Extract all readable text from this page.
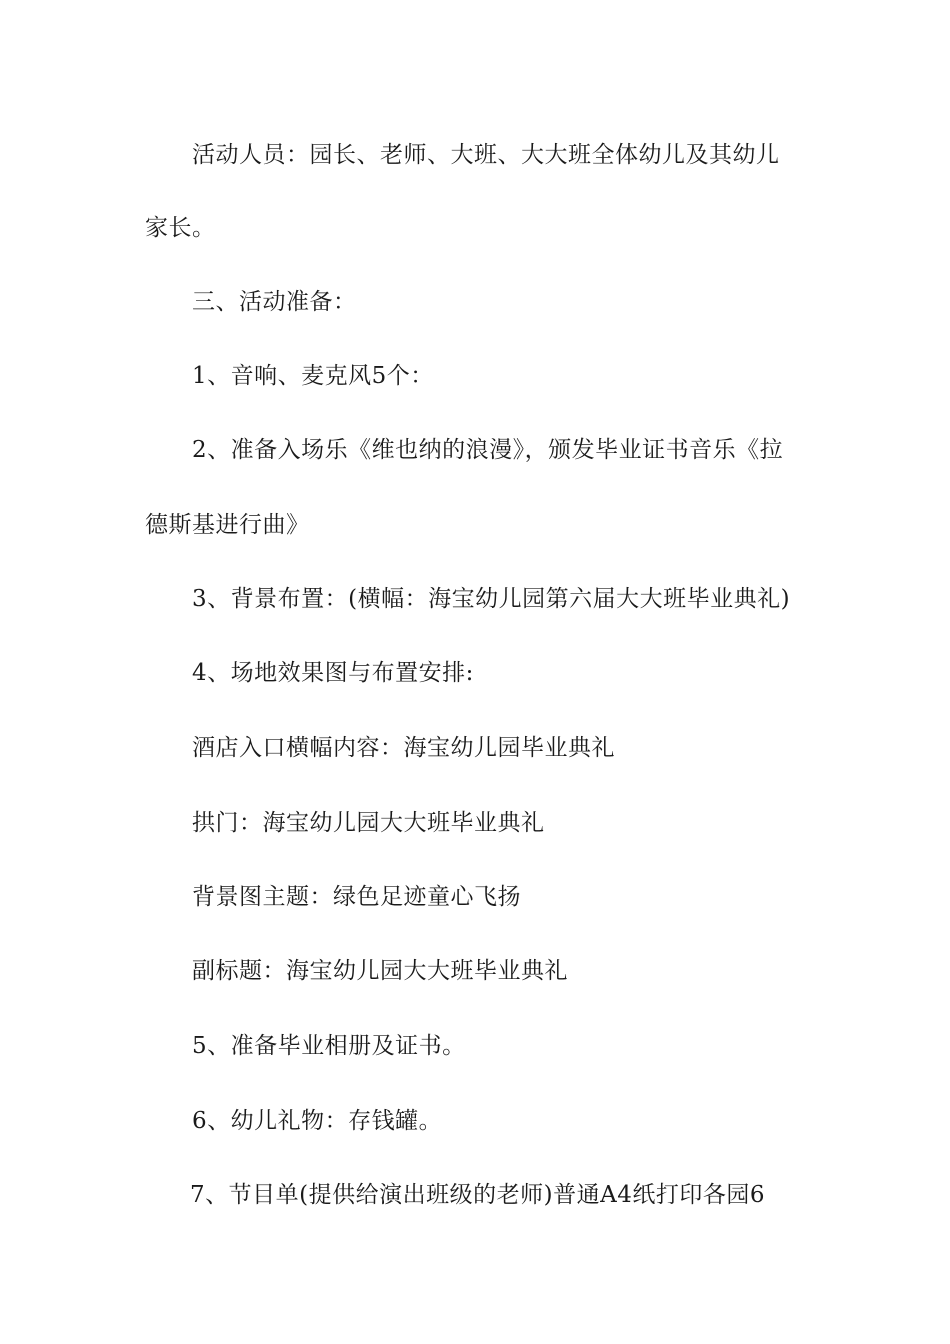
活动人员：园长、老师、大班、大大班全体幼儿及其幼儿
家长。
三、活动准备：
1、音响、麦克风5个：
2、准备入场乐《维也纳的浪漫》，颁发毕业证书音乐《拉
德斯基进行曲》
3、背景布置：(横幅：海宝幼儿园第六届大大班毕业典礼)
4、场地效果图与布置安排:
酒店入口横幅内容：海宝幼儿园毕业典礼
拱门：海宝幼儿园大大班毕业典礼
背景图主题：绿色足迹童心飞扬
副标题：海宝幼儿园大大班毕业典礼
5、准备毕业相册及证书。
6、幼儿礼物：存钱罐。
7、节目单(提供给演出班级的老师)普通A4纸打印各园6
